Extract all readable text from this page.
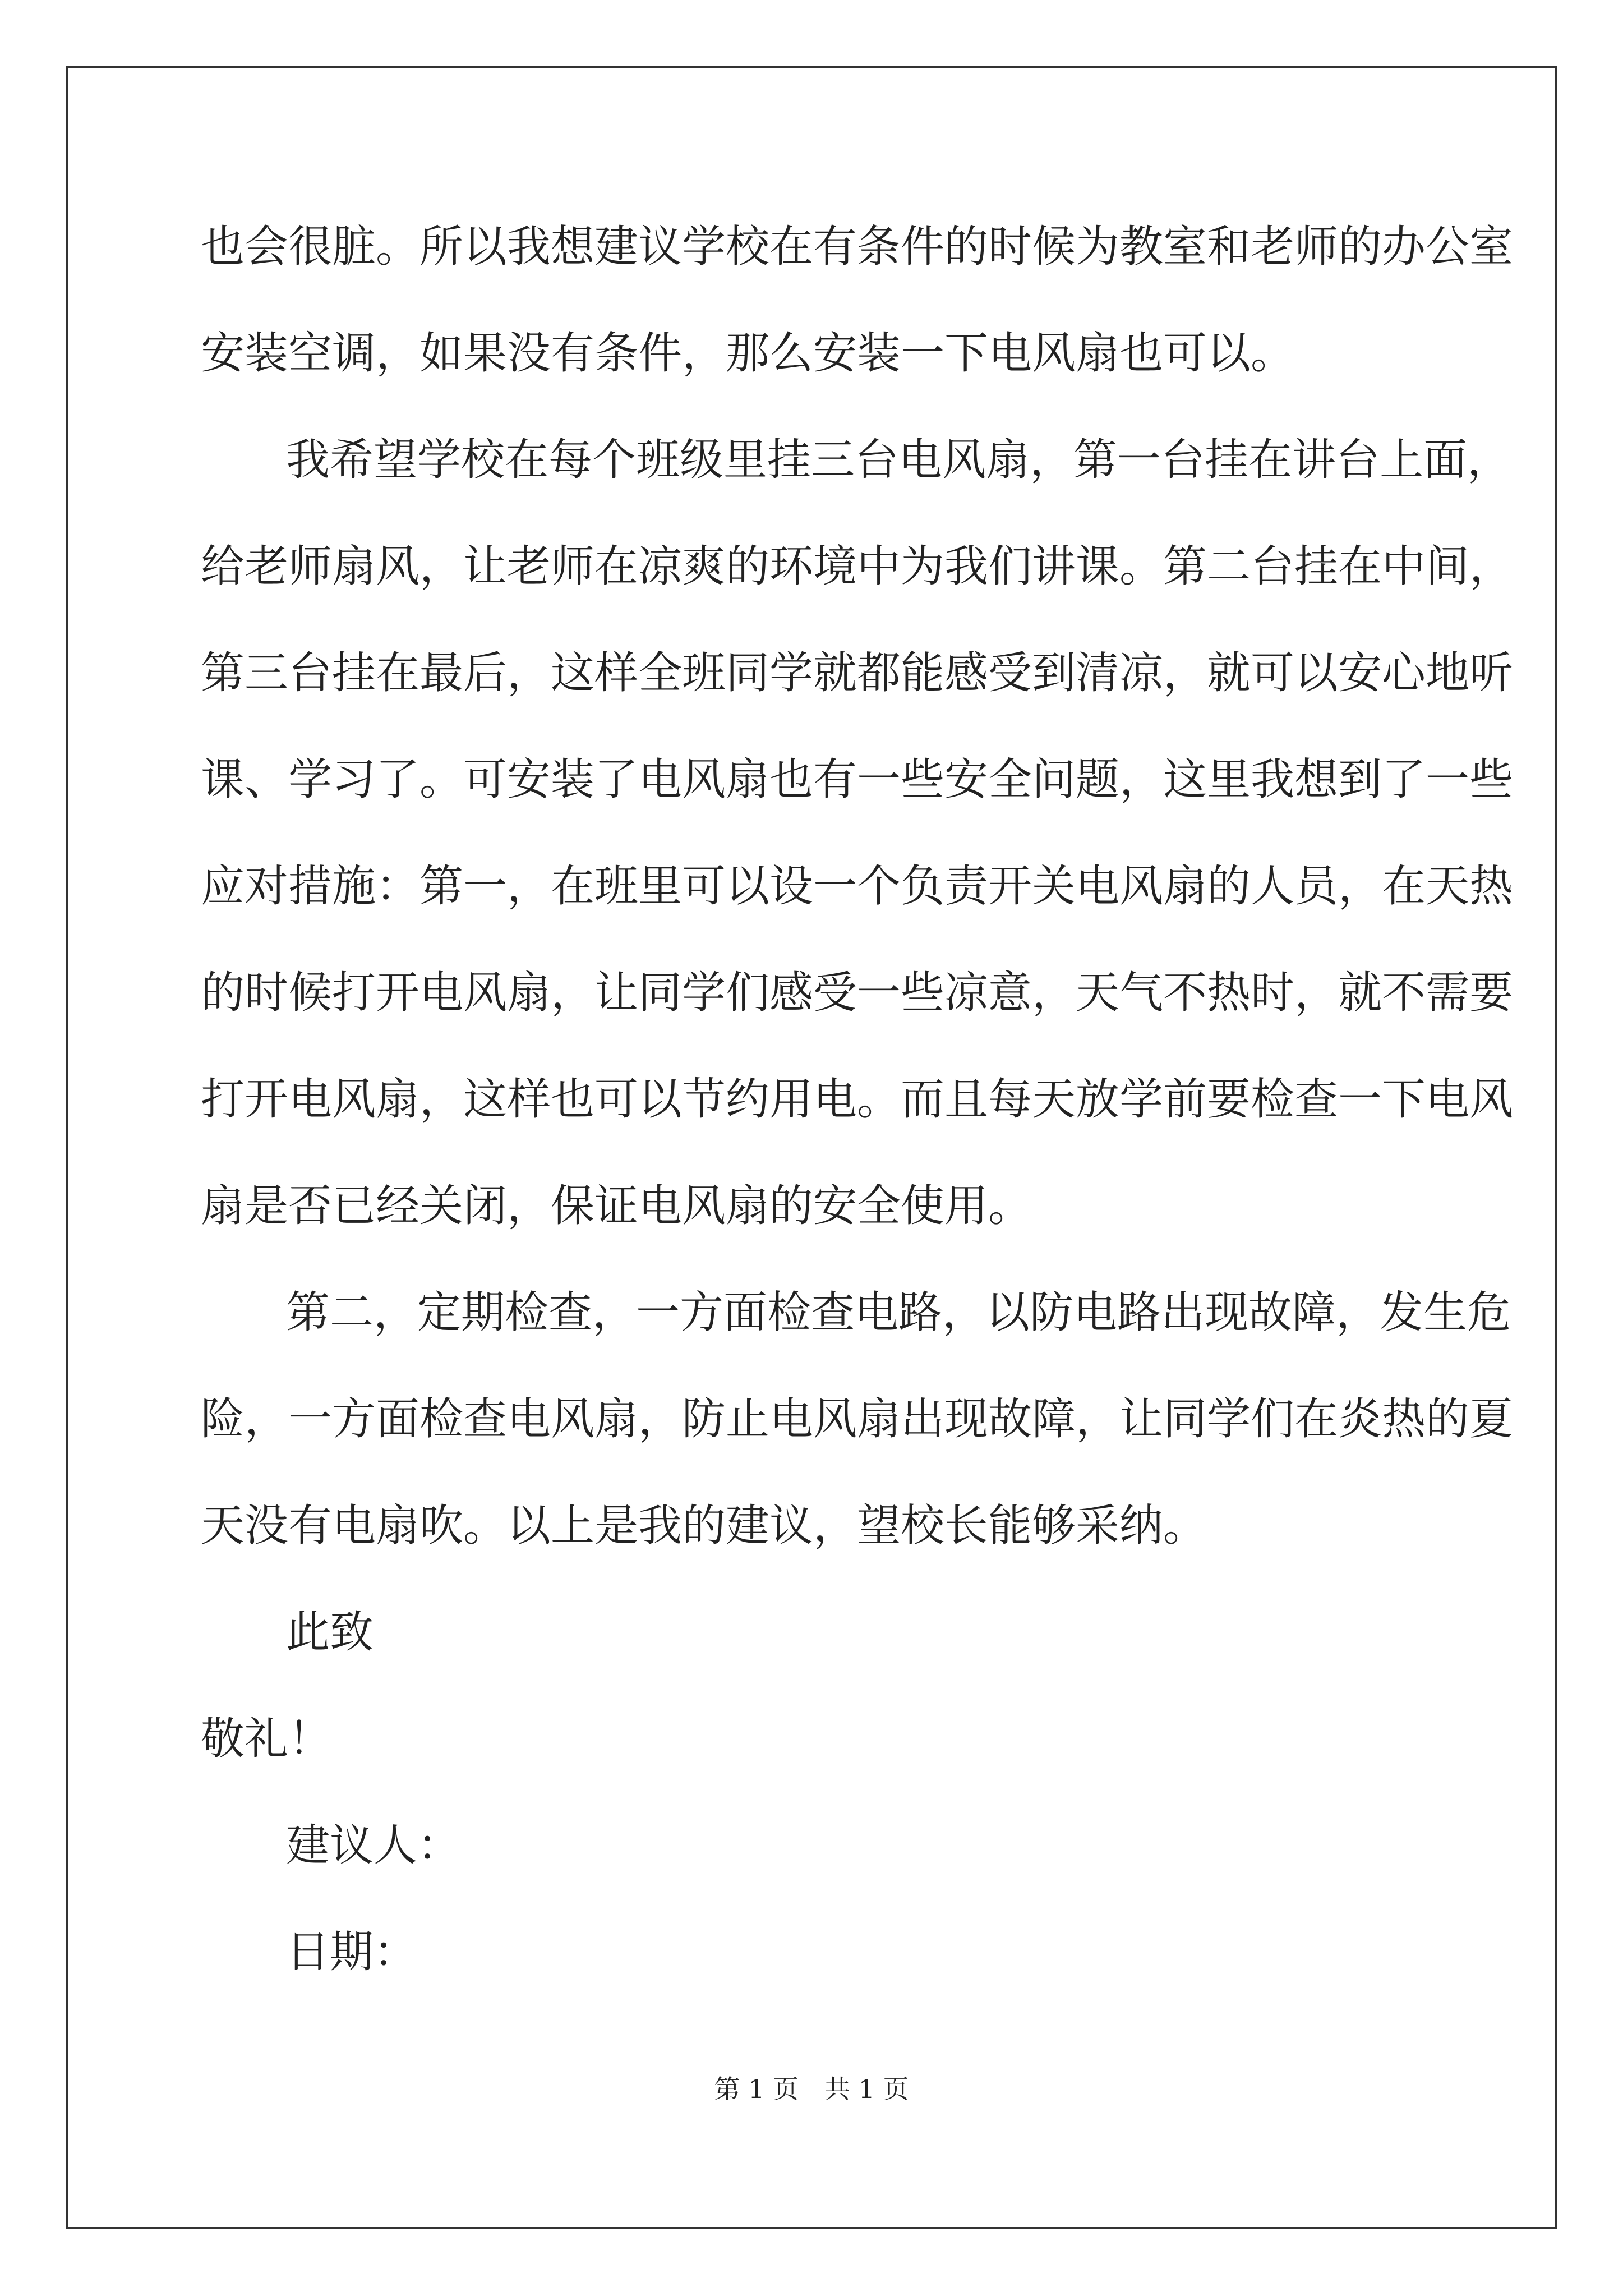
也会很脏。所以我想建议学校在有条件的时候为教室和老师的办公室
安装空调，如果没有条件，那么安装一下电风扇也可以。
我希望学校在每个班级里挂三台电风扇，第一台挂在讲台上面，
给老师扇风，让老师在凉爽的环境中为我们讲课。第二台挂在中间，
第三台挂在最后，这样全班同学就都能感受到清凉，就可以安心地听
课、学习了。可安装了电风扇也有一些安全问题，这里我想到了一些
应对措施：第一，在班里可以设一个负责开关电风扇的人员，在天热
的时候打开电风扇，让同学们感受一些凉意，天气不热时，就不需要
打开电风扇，这样也可以节约用电。而且每天放学前要检查一下电风
扇是否已经关闭，保证电风扇的安全使用。
第二，定期检查，一方面检查电路，以防电路出现故障，发生危
险，一方面检查电风扇，防止电风扇出现故障，让同学们在炎热的夏
天没有电扇吹。以上是我的建议，望校长能够采纳。
此致
敬礼！
建议人：
日期：
第 1 页　共 1 页
